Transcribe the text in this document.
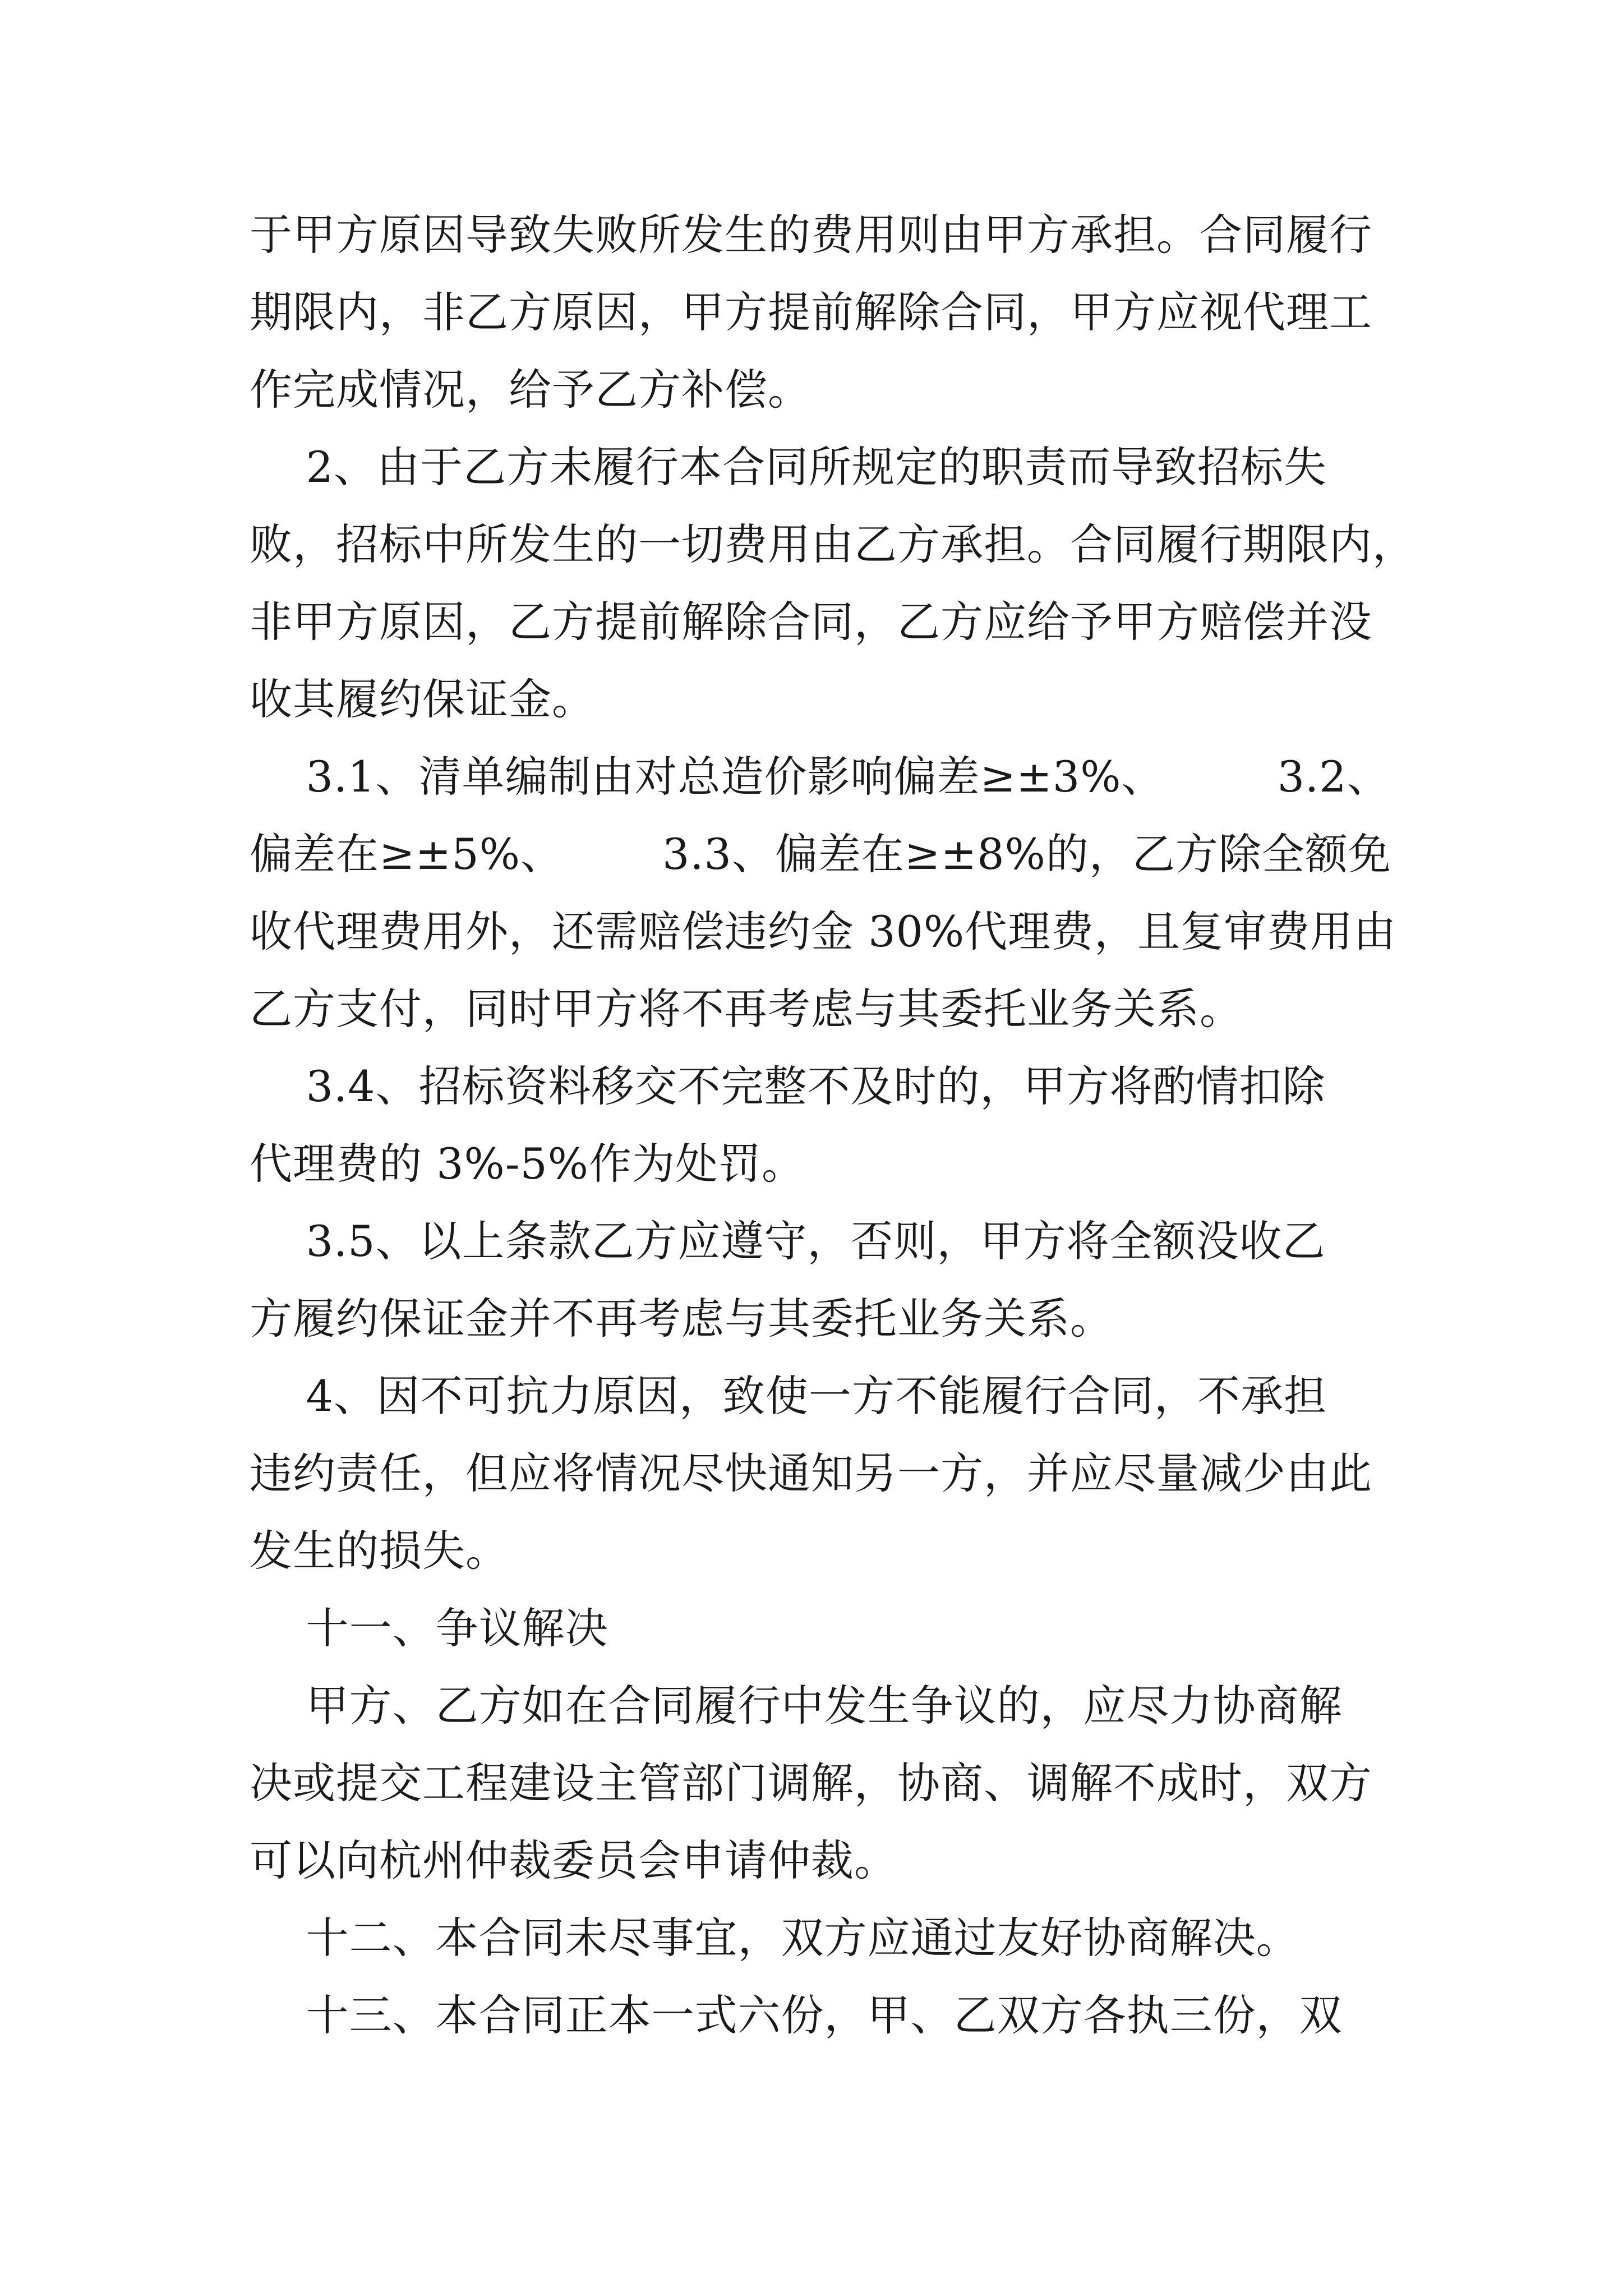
于甲方原因导致失败所发生的费用则由甲方承担。合同履行
期限内，非乙方原因，甲方提前解除合同，甲方应视代理工
作完成情况，给予乙方补偿。
2、由于乙方未履行本合同所规定的职责而导致招标失
败，招标中所发生的一切费用由乙方承担。合同履行期限内，
非甲方原因，乙方提前解除合同，乙方应给予甲方赔偿并没
收其履约保证金。
3.1、清单编制由对总造价影响偏差≥±3%、        3.2、
偏差在≥±5%、       3.3、偏差在≥±8%的，乙方除全额免
收代理费用外，还需赔偿违约金 30%代理费，且复审费用由
乙方支付，同时甲方将不再考虑与其委托业务关系。
3.4、招标资料移交不完整不及时的，甲方将酌情扣除
代理费的 3%-5%作为处罚。
3.5、以上条款乙方应遵守，否则，甲方将全额没收乙
方履约保证金并不再考虑与其委托业务关系。
4、因不可抗力原因，致使一方不能履行合同，不承担
违约责任，但应将情况尽快通知另一方，并应尽量减少由此
发生的损失。
十一、争议解决
甲方、乙方如在合同履行中发生争议的，应尽力协商解
决或提交工程建设主管部门调解，协商、调解不成时，双方
可以向杭州仲裁委员会申请仲裁。
十二、本合同未尽事宜，双方应通过友好协商解决。
十三、本合同正本一式六份，甲、乙双方各执三份，双
